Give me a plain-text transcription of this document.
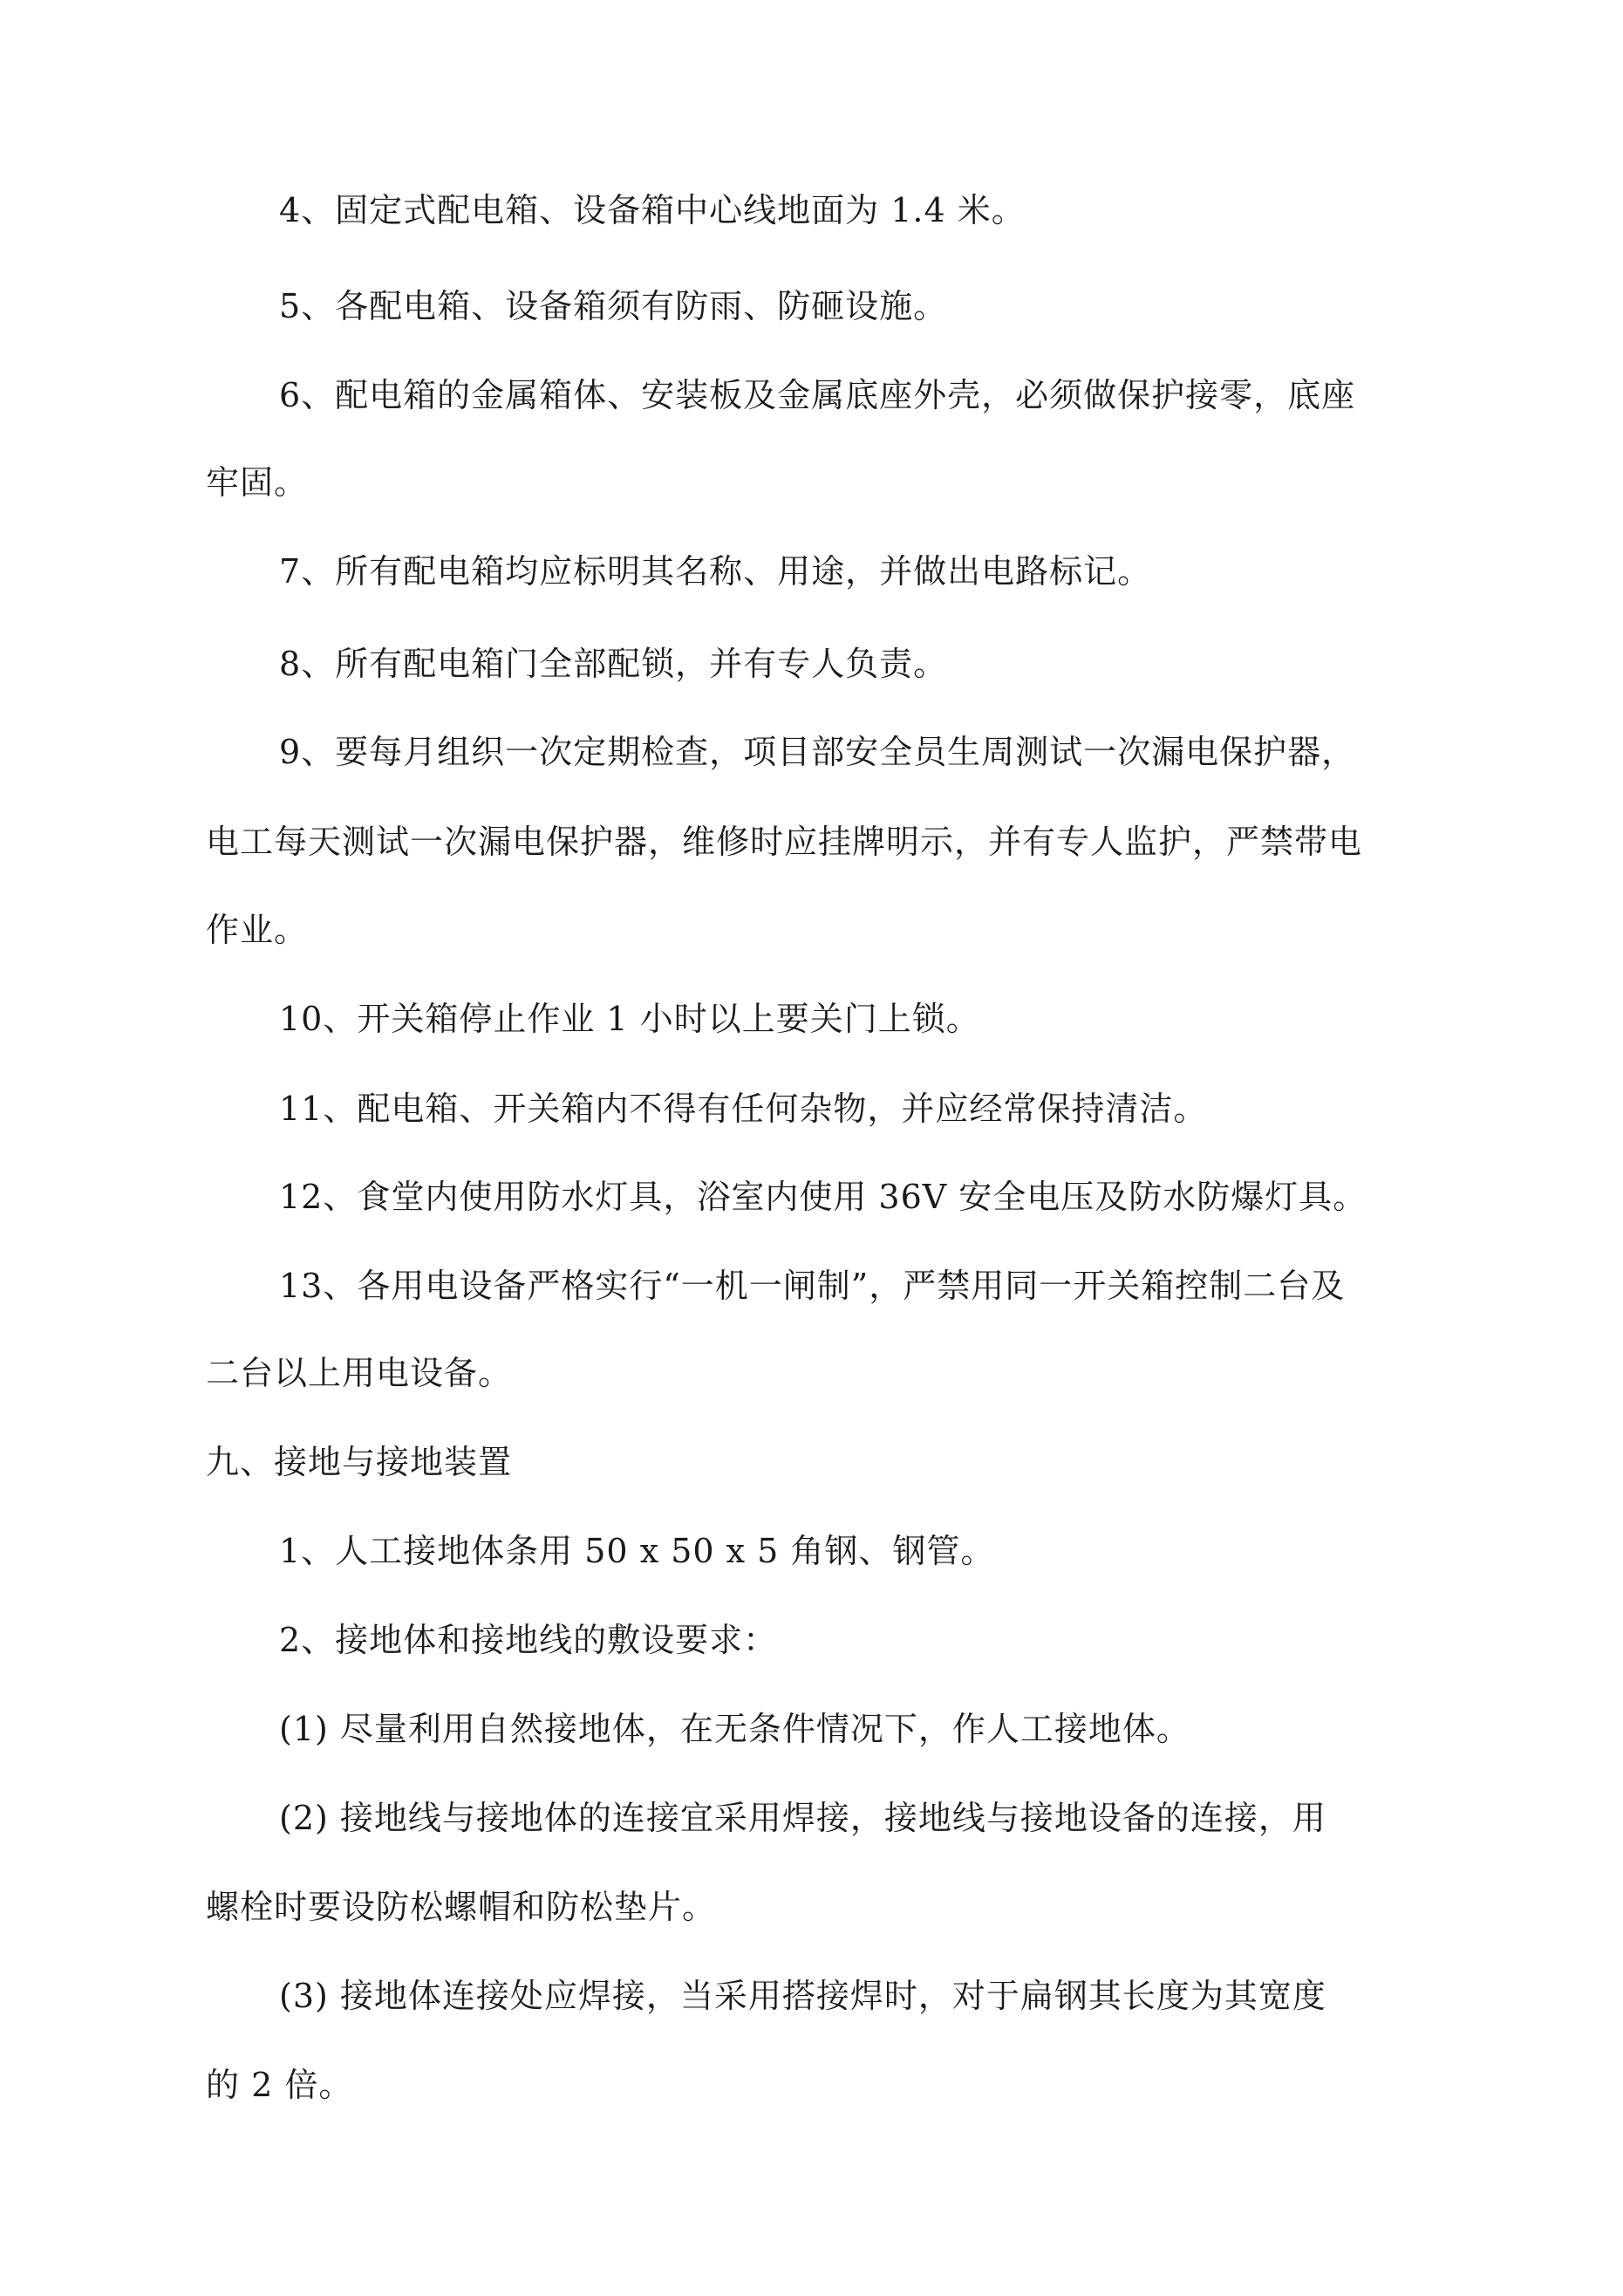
4、固定式配电箱、设备箱中心线地面为 1.4 米。
5、各配电箱、设备箱须有防雨、防砸设施。
6、配电箱的金属箱体、安装板及金属底座外壳，必须做保护接零，底座
牢固。
7、所有配电箱均应标明其名称、用途，并做出电路标记。
8、所有配电箱门全部配锁，并有专人负责。
9、要每月组织一次定期检查，项目部安全员生周测试一次漏电保护器，
电工每天测试一次漏电保护器，维修时应挂牌明示，并有专人监护，严禁带电
作业。
10、开关箱停止作业 1 小时以上要关门上锁。
11、配电箱、开关箱内不得有任何杂物，并应经常保持清洁。
12、食堂内使用防水灯具，浴室内使用 36V 安全电压及防水防爆灯具。
13、各用电设备严格实行“一机一闸制”，严禁用同一开关箱控制二台及
二台以上用电设备。
九、接地与接地装置
1、人工接地体条用 50 x 50 x 5 角钢、钢管。
2、接地体和接地线的敷设要求：
(1) 尽量利用自然接地体，在无条件情况下，作人工接地体。
(2) 接地线与接地体的连接宜采用焊接，接地线与接地设备的连接，用
螺栓时要设防松螺帽和防松垫片。
(3) 接地体连接处应焊接，当采用搭接焊时，对于扁钢其长度为其宽度
的 2 倍。
